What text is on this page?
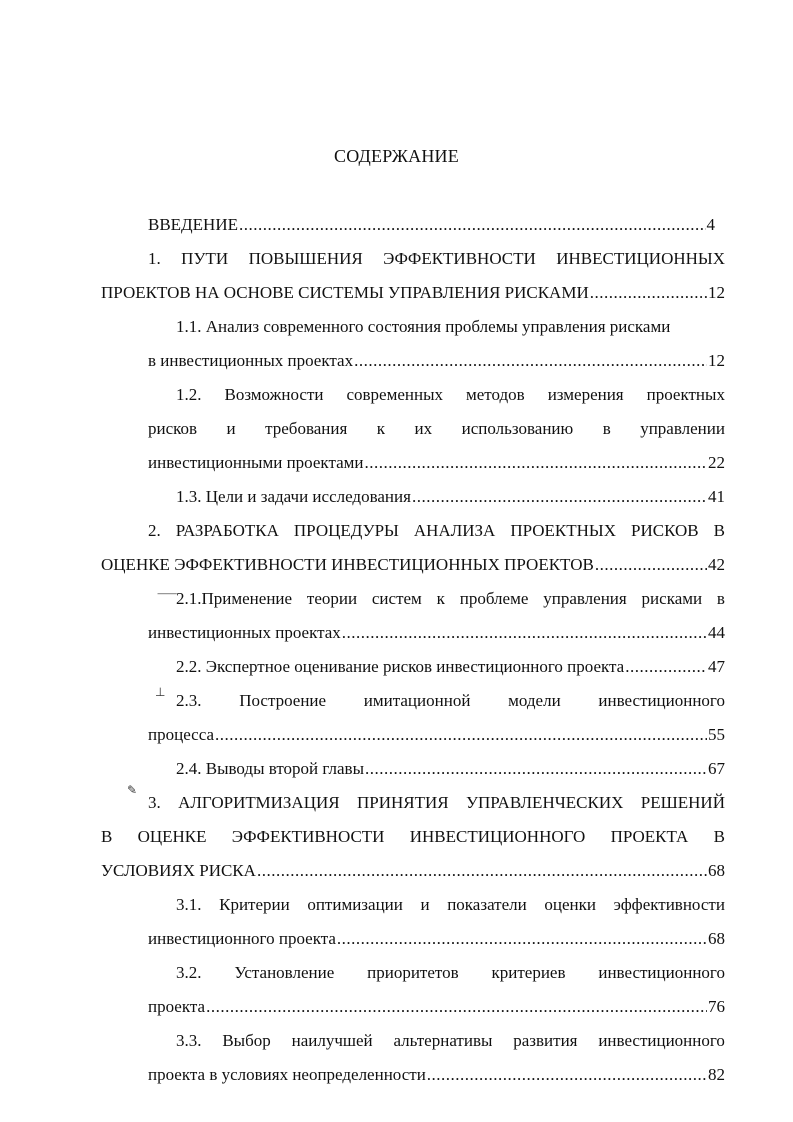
СОДЕРЖАНИЕ
⸺
⊥
✎
ВВЕДЕНИЕ .....	4
1. ПУТИ ПОВЫШЕНИЯ ЭФФЕКТИВНОСТИ ИНВЕСТИЦИОННЫХ
ПРОЕКТОВ НА ОСНОВЕ СИСТЕМЫ УПРАВЛЕНИЯ РИСКАМИ .....	12
1.1. Анализ современного состояния проблемы управления рисками
в инвестиционных проектах .....	12
1.2. Возможности современных методов измерения проектных
рисков и требования к их использованию в управлении
инвестиционными проектами .....	22
1.3. Цели и задачи исследования .....	41
2. РАЗРАБОТКА ПРОЦЕДУРЫ АНАЛИЗА ПРОЕКТНЫХ РИСКОВ В
ОЦЕНКЕ ЭФФЕКТИВНОСТИ ИНВЕСТИЦИОННЫХ ПРОЕКТОВ .....	42
2.1.Применение теории систем к проблеме управления рисками в
инвестиционных проектах .....	44
2.2. Экспертное оценивание рисков инвестиционного проекта .....	47
2.3. Построение имитационной модели инвестиционного
процесса .....	55
2.4. Выводы второй главы .....	67
3. АЛГОРИТМИЗАЦИЯ ПРИНЯТИЯ УПРАВЛЕНЧЕСКИХ РЕШЕНИЙ
В ОЦЕНКЕ ЭФФЕКТИВНОСТИ ИНВЕСТИЦИОННОГО ПРОЕКТА В
УСЛОВИЯХ РИСКА .....	68
3.1. Критерии оптимизации и показатели оценки эффективности
инвестиционного проекта .....	68
3.2. Установление приоритетов критериев инвестиционного
проекта .....	76
3.3. Выбор наилучшей альтернативы развития инвестиционного
проекта в условиях неопределенности .....	82
